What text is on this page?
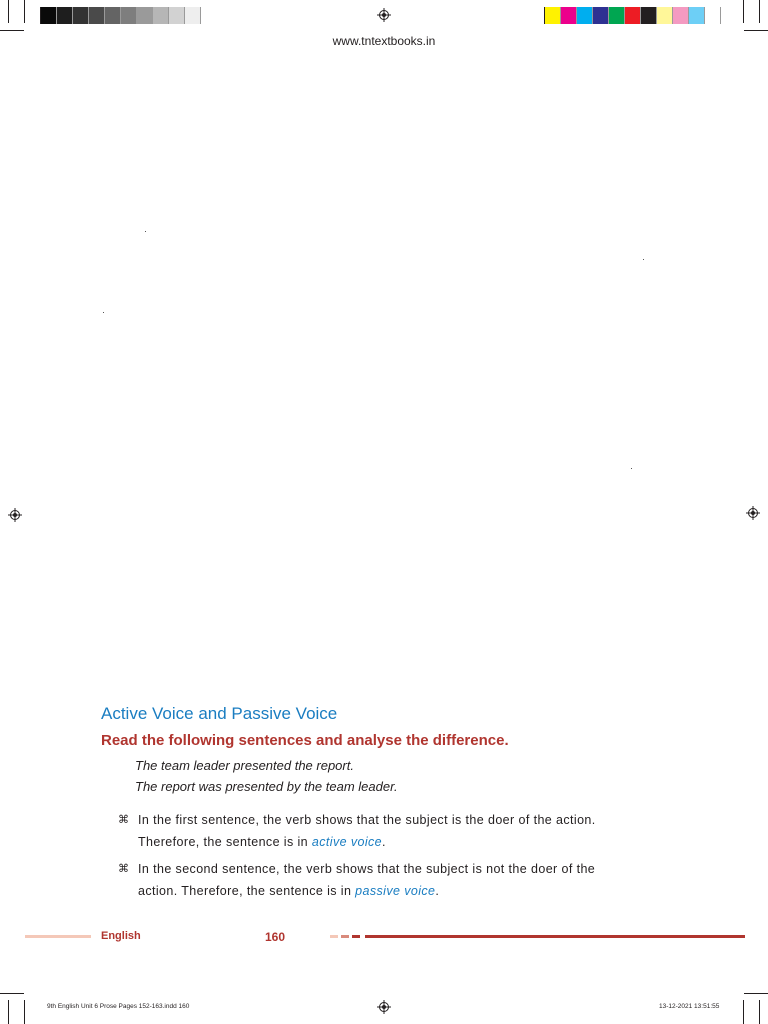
www.tntextbooks.in
Active Voice and Passive Voice
Read the following sentences and analyse the difference.
The team leader presented the report.
The report was presented by the team leader.
⌘ In the first sentence, the verb shows that the subject is the doer of the action.
Therefore, the sentence is in active voice.
⌘ In the second sentence, the verb shows that the subject is not the doer of the
action. Therefore, the sentence is in passive voice.
English	160
9th English Unit 6 Prose Pages 152-163.indd 160	13-12-2021 13:51:55
